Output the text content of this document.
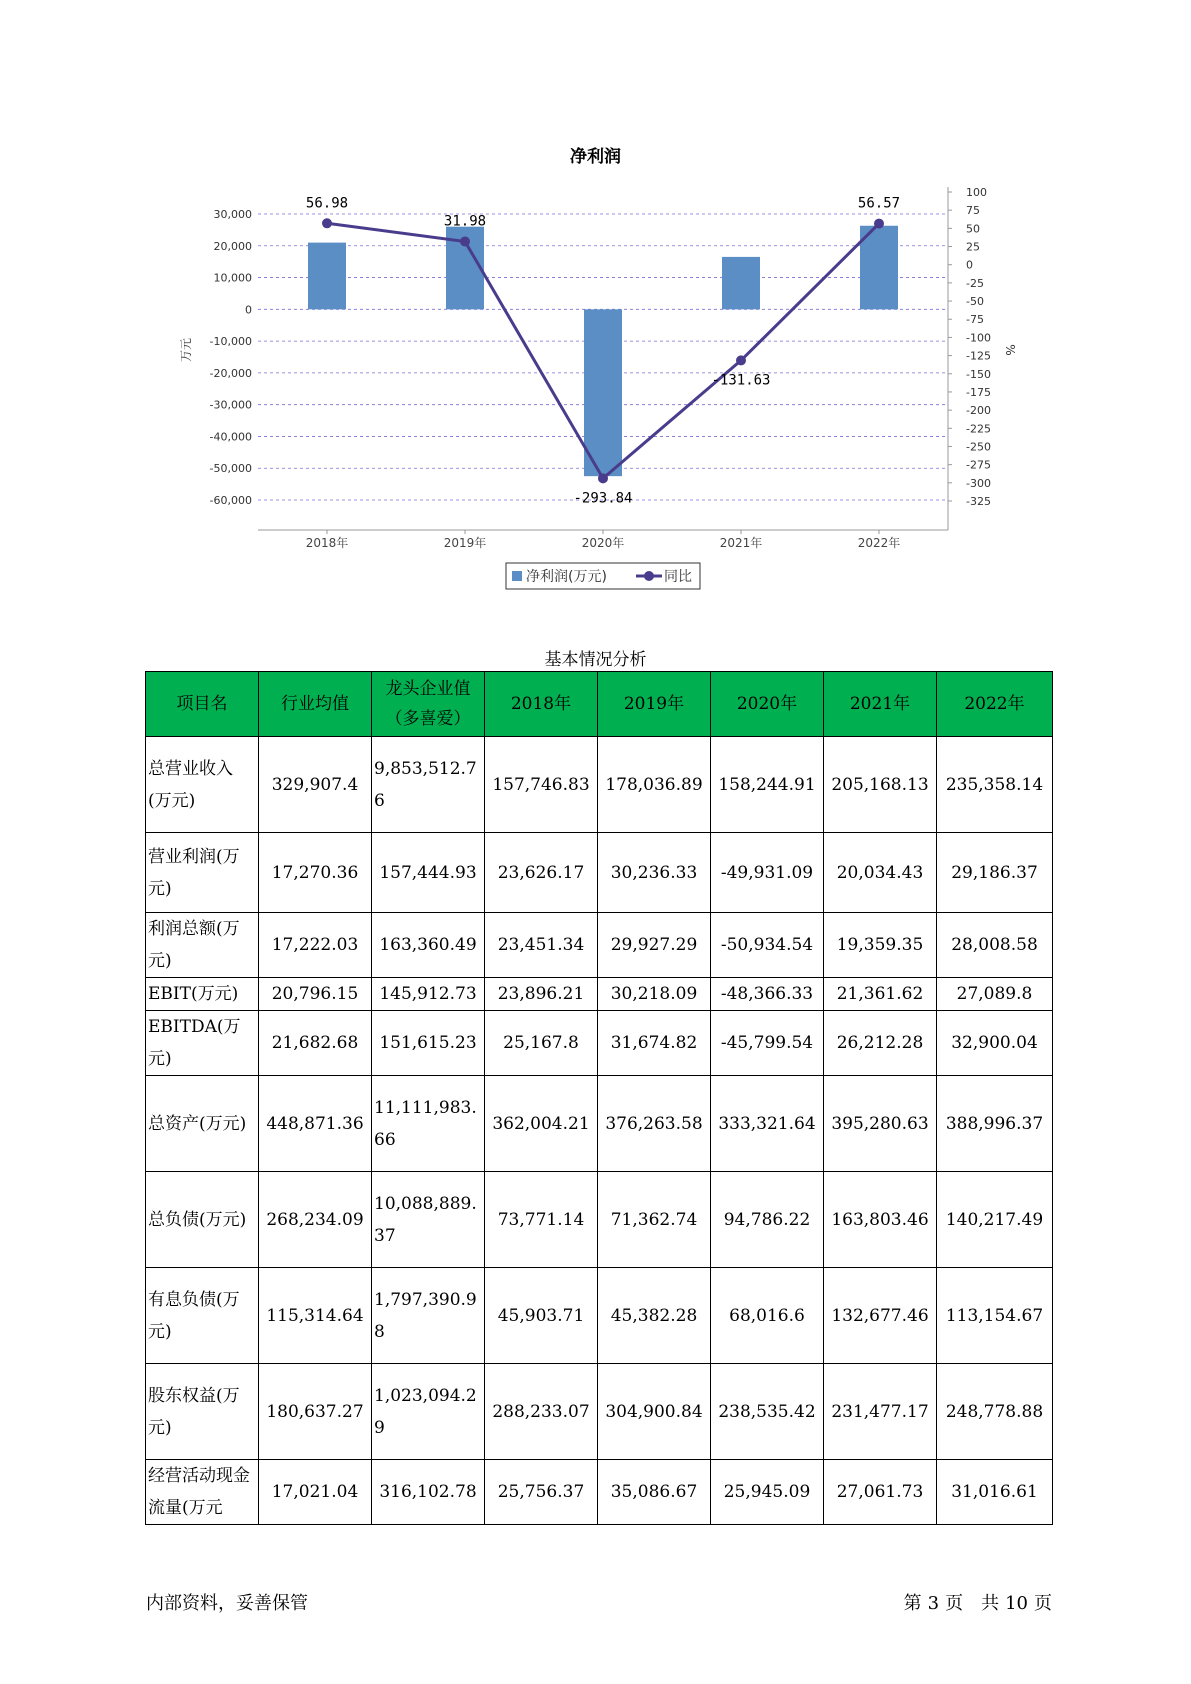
净利润
30,000
20,000
10,000
0
-10,000
-20,000
-30,000
-40,000
-50,000
-60,000
100
75
50
25
0
-25
-50
-75
-100
-125
-150
-175
-200
-225
-250
-275
-300
-325
万元	%
2018年	2019年	2020年	2021年	2022年
56.98
31.98
-293.84
-131.63
56.57
净利润(万元)	同比
基本情况分析
项目名	行业均值	龙头企业值（多喜爱）	2018年	2019年	2020年	2021年	2022年
总营业收入(万元)	329,907.4	9,853,512.76	157,746.83	178,036.89	158,244.91	205,168.13	235,358.14
营业利润(万元)	17,270.36	157,444.93	23,626.17	30,236.33	-49,931.09	20,034.43	29,186.37
利润总额(万元)	17,222.03	163,360.49	23,451.34	29,927.29	-50,934.54	19,359.35	28,008.58
EBIT(万元)	20,796.15	145,912.73	23,896.21	30,218.09	-48,366.33	21,361.62	27,089.8
EBITDA(万元)	21,682.68	151,615.23	25,167.8	31,674.82	-45,799.54	26,212.28	32,900.04
总资产(万元)	448,871.36	11,111,983.66	362,004.21	376,263.58	333,321.64	395,280.63	388,996.37
总负债(万元)	268,234.09	10,088,889.37	73,771.14	71,362.74	94,786.22	163,803.46	140,217.49
有息负债(万元)	115,314.64	1,797,390.98	45,903.71	45,382.28	68,016.6	132,677.46	113,154.67
股东权益(万元)	180,637.27	1,023,094.29	288,233.07	304,900.84	238,535.42	231,477.17	248,778.88
经营活动现金流量(万元	17,021.04	316,102.78	25,756.37	35,086.67	25,945.09	27,061.73	31,016.61
内部资料，妥善保管	第 3 页　共 10 页
